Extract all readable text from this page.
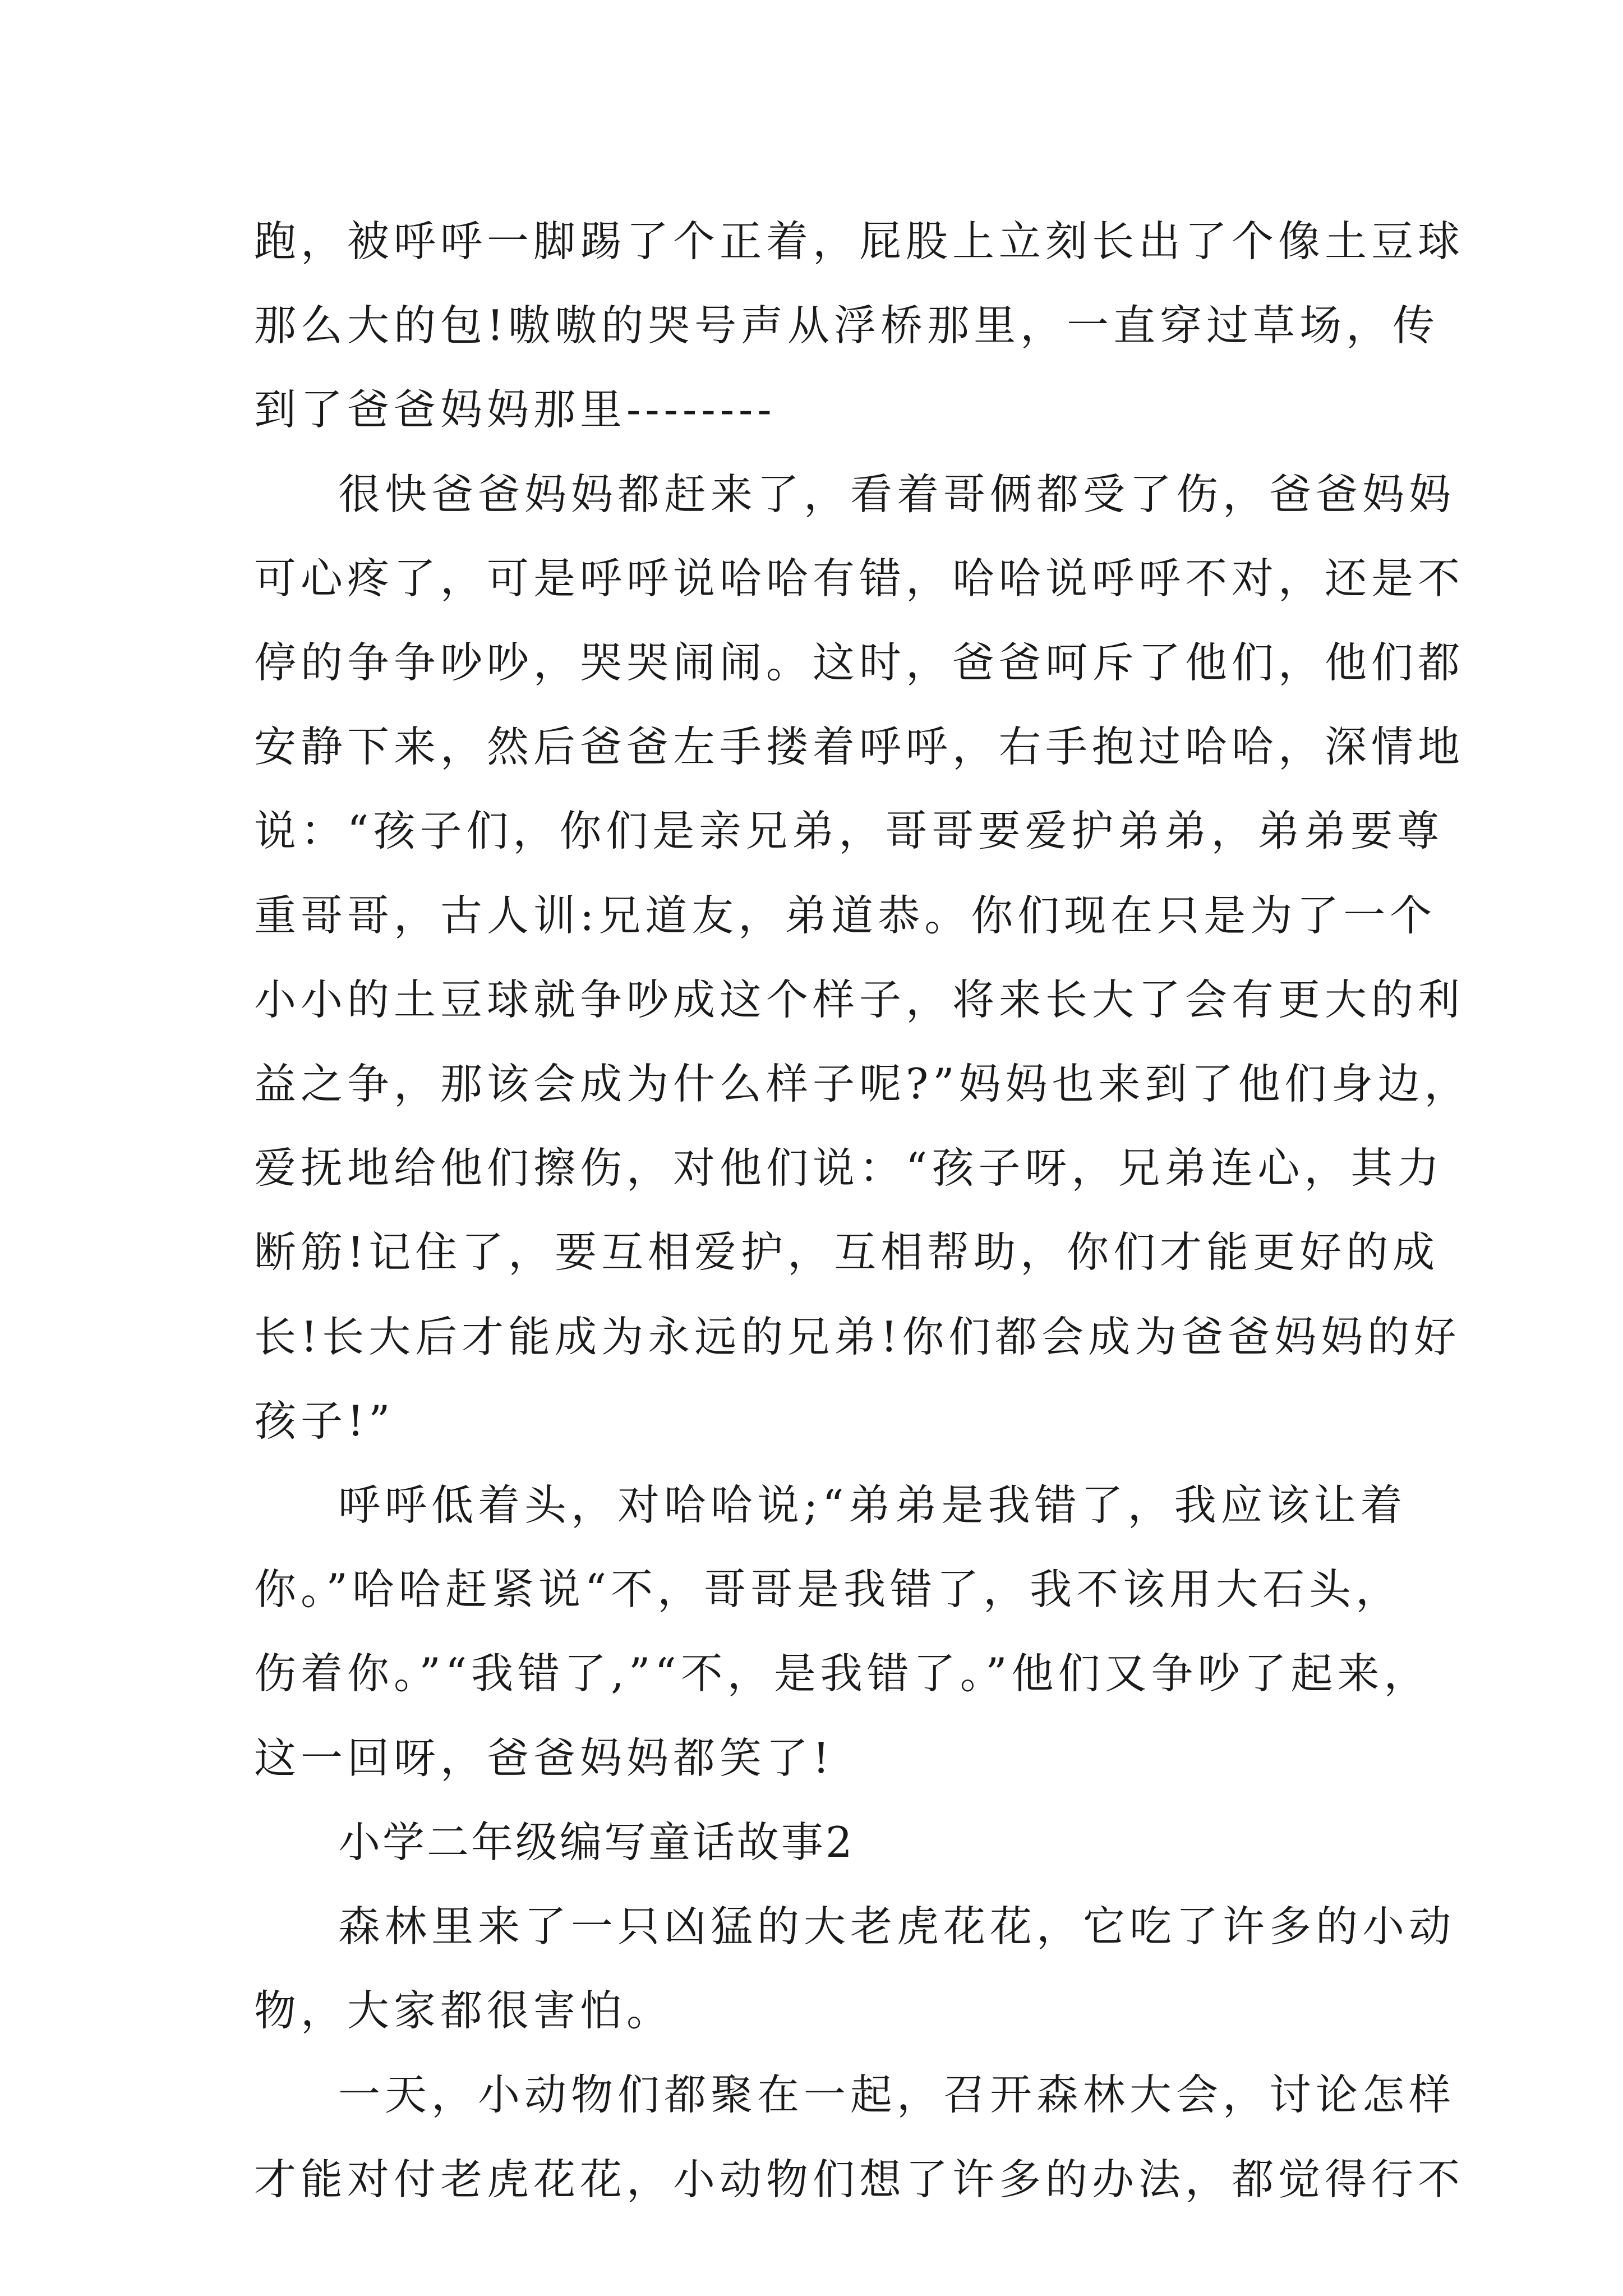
跑，被呼呼一脚踢了个正着，屁股上立刻长出了个像土豆球
那么大的包!嗷嗷的哭号声从浮桥那里，一直穿过草场，传
到了爸爸妈妈那里--------
很快爸爸妈妈都赶来了，看着哥俩都受了伤，爸爸妈妈
可心疼了，可是呼呼说哈哈有错，哈哈说呼呼不对，还是不
停的争争吵吵，哭哭闹闹。这时，爸爸呵斥了他们，他们都
安静下来，然后爸爸左手搂着呼呼，右手抱过哈哈，深情地
说：“孩子们，你们是亲兄弟，哥哥要爱护弟弟，弟弟要尊
重哥哥，古人训:兄道友，弟道恭。你们现在只是为了一个
小小的土豆球就争吵成这个样子，将来长大了会有更大的利
益之争，那该会成为什么样子呢?”妈妈也来到了他们身边，
爱抚地给他们擦伤，对他们说：“孩子呀，兄弟连心，其力
断筋!记住了，要互相爱护，互相帮助，你们才能更好的成
长!长大后才能成为永远的兄弟!你们都会成为爸爸妈妈的好
孩子!”
呼呼低着头，对哈哈说;“弟弟是我错了，我应该让着
你。”哈哈赶紧说“不，哥哥是我错了，我不该用大石头，
伤着你。”“我错了,”“不，是我错了。”他们又争吵了起来，
这一回呀，爸爸妈妈都笑了!
小学二年级编写童话故事2
森林里来了一只凶猛的大老虎花花，它吃了许多的小动
物，大家都很害怕。
一天，小动物们都聚在一起，召开森林大会，讨论怎样
才能对付老虎花花，小动物们想了许多的办法，都觉得行不
